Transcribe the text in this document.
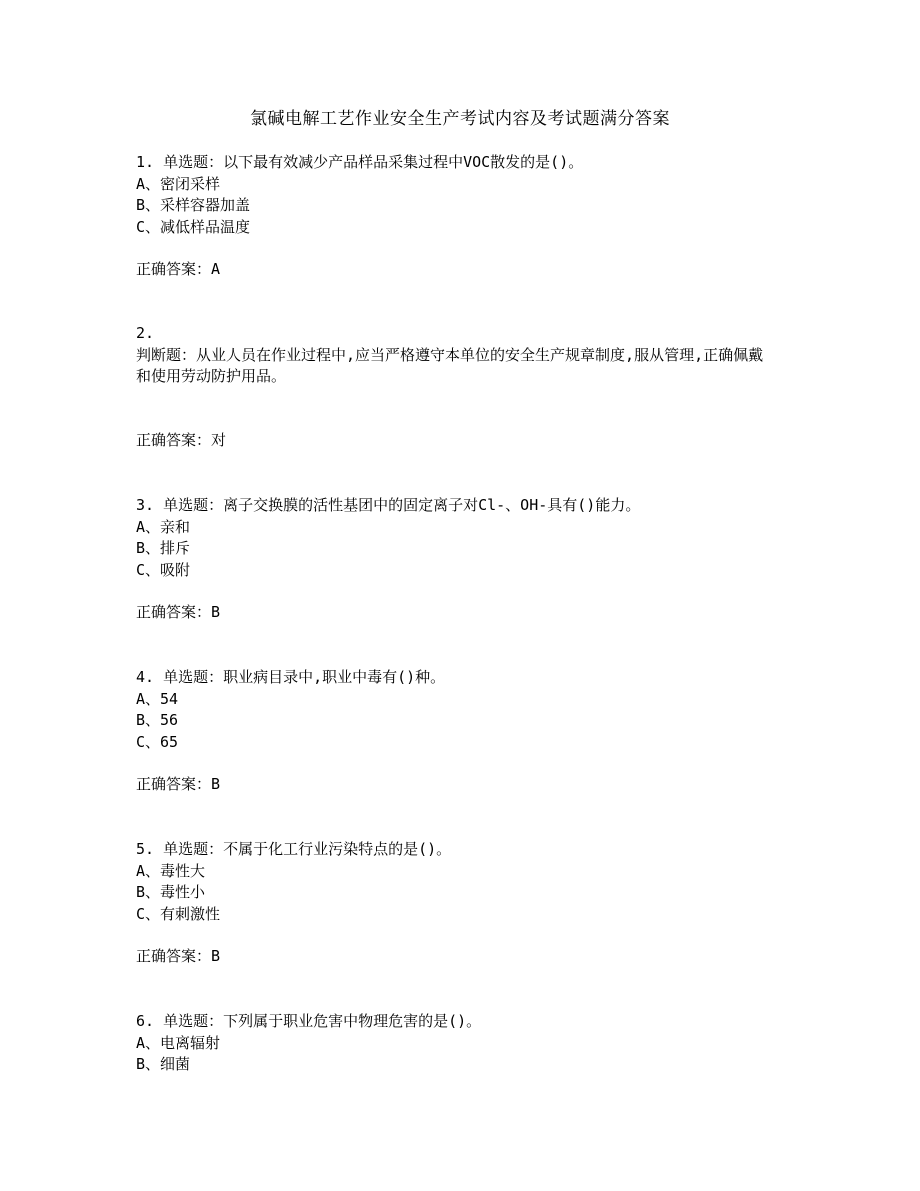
氯碱电解工艺作业安全生产考试内容及考试题满分答案
1. 单选题：以下最有效减少产品样品采集过程中VOC散发的是()。
A、密闭采样
B、采样容器加盖
C、减低样品温度
正确答案：A
2.
判断题：从业人员在作业过程中,应当严格遵守本单位的安全生产规章制度,服从管理,正确佩戴和使用劳动防护用品。
正确答案：对
3. 单选题：离子交换膜的活性基团中的固定离子对Cl-、OH-具有()能力。
A、亲和
B、排斥
C、吸附
正确答案：B
4. 单选题：职业病目录中,职业中毒有()种。
A、54
B、56
C、65
正确答案：B
5. 单选题：不属于化工行业污染特点的是()。
A、毒性大
B、毒性小
C、有刺激性
正确答案：B
6. 单选题：下列属于职业危害中物理危害的是()。
A、电离辐射
B、细菌
